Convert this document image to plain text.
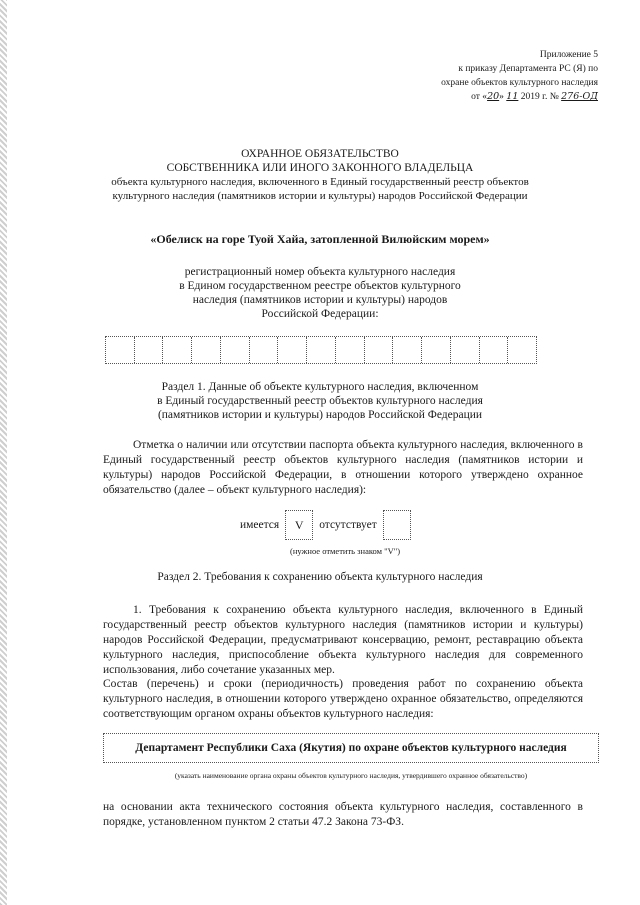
Приложение 5
к приказу Департамента РС (Я) по
охране объектов культурного наследия
от «20» 11 2019 г. № 276-ОД
ОХРАННОЕ ОБЯЗАТЕЛЬСТВО
СОБСТВЕННИКА ИЛИ ИНОГО ЗАКОННОГО ВЛАДЕЛЬЦА
объекта культурного наследия, включенного в Единый государственный реестр объектов
культурного наследия (памятников истории и культуры) народов Российской Федерации
«Обелиск на горе Туой Хайа, затопленной Вилюйским морем»
регистрационный номер объекта культурного наследия
в Едином государственном реестре объектов культурного
наследия (памятников истории и культуры) народов
Российской Федерации:
Раздел 1. Данные об объекте культурного наследия, включенном
в Единый государственный реестр объектов культурного наследия
(памятников истории и культуры) народов Российской Федерации
Отметка о наличии или отсутствии паспорта объекта культурного наследия, включенного в Единый государственный реестр объектов культурного наследия (памятников истории и культуры) народов Российской Федерации, в отношении которого утверждено охранное обязательство (далее – объект культурного наследия):
имеется	V	отсутствует
(нужное отметить знаком "V")
Раздел 2. Требования к сохранению объекта культурного наследия
1. Требования к сохранению объекта культурного наследия, включенного в Единый государственный реестр объектов культурного наследия (памятников истории и культуры) народов Российской Федерации, предусматривают консервацию, ремонт, реставрацию объекта культурного наследия, приспособление объекта культурного наследия для современного использования, либо сочетание указанных мер.
Состав (перечень) и сроки (периодичность) проведения работ по сохранению объекта культурного наследия, в отношении которого утверждено охранное обязательство, определяются соответствующим органом охраны объектов культурного наследия:
Департамент Республики Саха (Якутия) по охране объектов культурного наследия
(указать наименование органа охраны объектов культурного наследия, утвердившего охранное обязательство)
на основании акта технического состояния объекта культурного наследия, составленного в порядке, установленном пунктом 2 статьи 47.2 Закона 73-ФЗ.
